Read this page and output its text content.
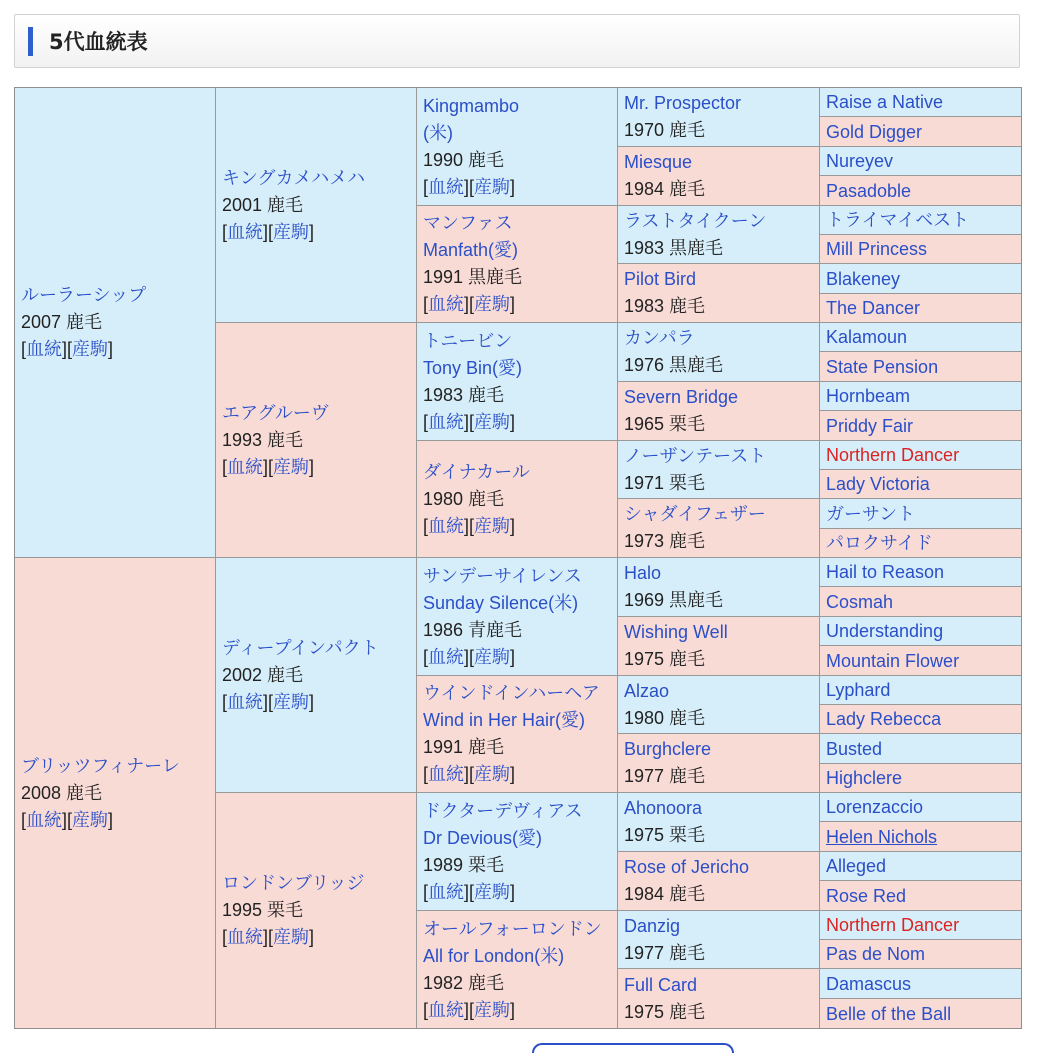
5代血統表
ルーラーシップ
2007 鹿毛
[血統][産駒]
ブリッツフィナーレ
2008 鹿毛
[血統][産駒]
キングカメハメハ
2001 鹿毛
[血統][産駒]
エアグルーヴ
1993 鹿毛
[血統][産駒]
ディープインパクト
2002 鹿毛
[血統][産駒]
ロンドンブリッジ
1995 栗毛
[血統][産駒]
Kingmambo
(米)
1990 鹿毛
[血統][産駒]
マンファス
Manfath(愛)
1991 黒鹿毛
[血統][産駒]
トニービン
Tony Bin(愛)
1983 鹿毛
[血統][産駒]
ダイナカール
1980 鹿毛
[血統][産駒]
サンデーサイレンス
Sunday Silence(米)
1986 青鹿毛
[血統][産駒]
ウインドインハーヘア
Wind in Her Hair(愛)
1991 鹿毛
[血統][産駒]
ドクターデヴィアス
Dr Devious(愛)
1989 栗毛
[血統][産駒]
オールフォーロンドン
All for London(米)
1982 鹿毛
[血統][産駒]
Mr. Prospector
1970 鹿毛
Miesque
1984 鹿毛
ラストタイクーン
1983 黒鹿毛
Pilot Bird
1983 鹿毛
カンパラ
1976 黒鹿毛
Severn Bridge
1965 栗毛
ノーザンテースト
1971 栗毛
シャダイフェザー
1973 鹿毛
Halo
1969 黒鹿毛
Wishing Well
1975 鹿毛
Alzao
1980 鹿毛
Burghclere
1977 鹿毛
Ahonoora
1975 栗毛
Rose of Jericho
1984 鹿毛
Danzig
1977 鹿毛
Full Card
1975 鹿毛
Raise a Native
Gold Digger
Nureyev
Pasadoble
トライマイベスト
Mill Princess
Blakeney
The Dancer
Kalamoun
State Pension
Hornbeam
Priddy Fair
Northern Dancer
Lady Victoria
ガーサント
パロクサイド
Hail to Reason
Cosmah
Understanding
Mountain Flower
Lyphard
Lady Rebecca
Busted
Highclere
Lorenzaccio
Helen Nichols
Alleged
Rose Red
Northern Dancer
Pas de Nom
Damascus
Belle of the Ball
